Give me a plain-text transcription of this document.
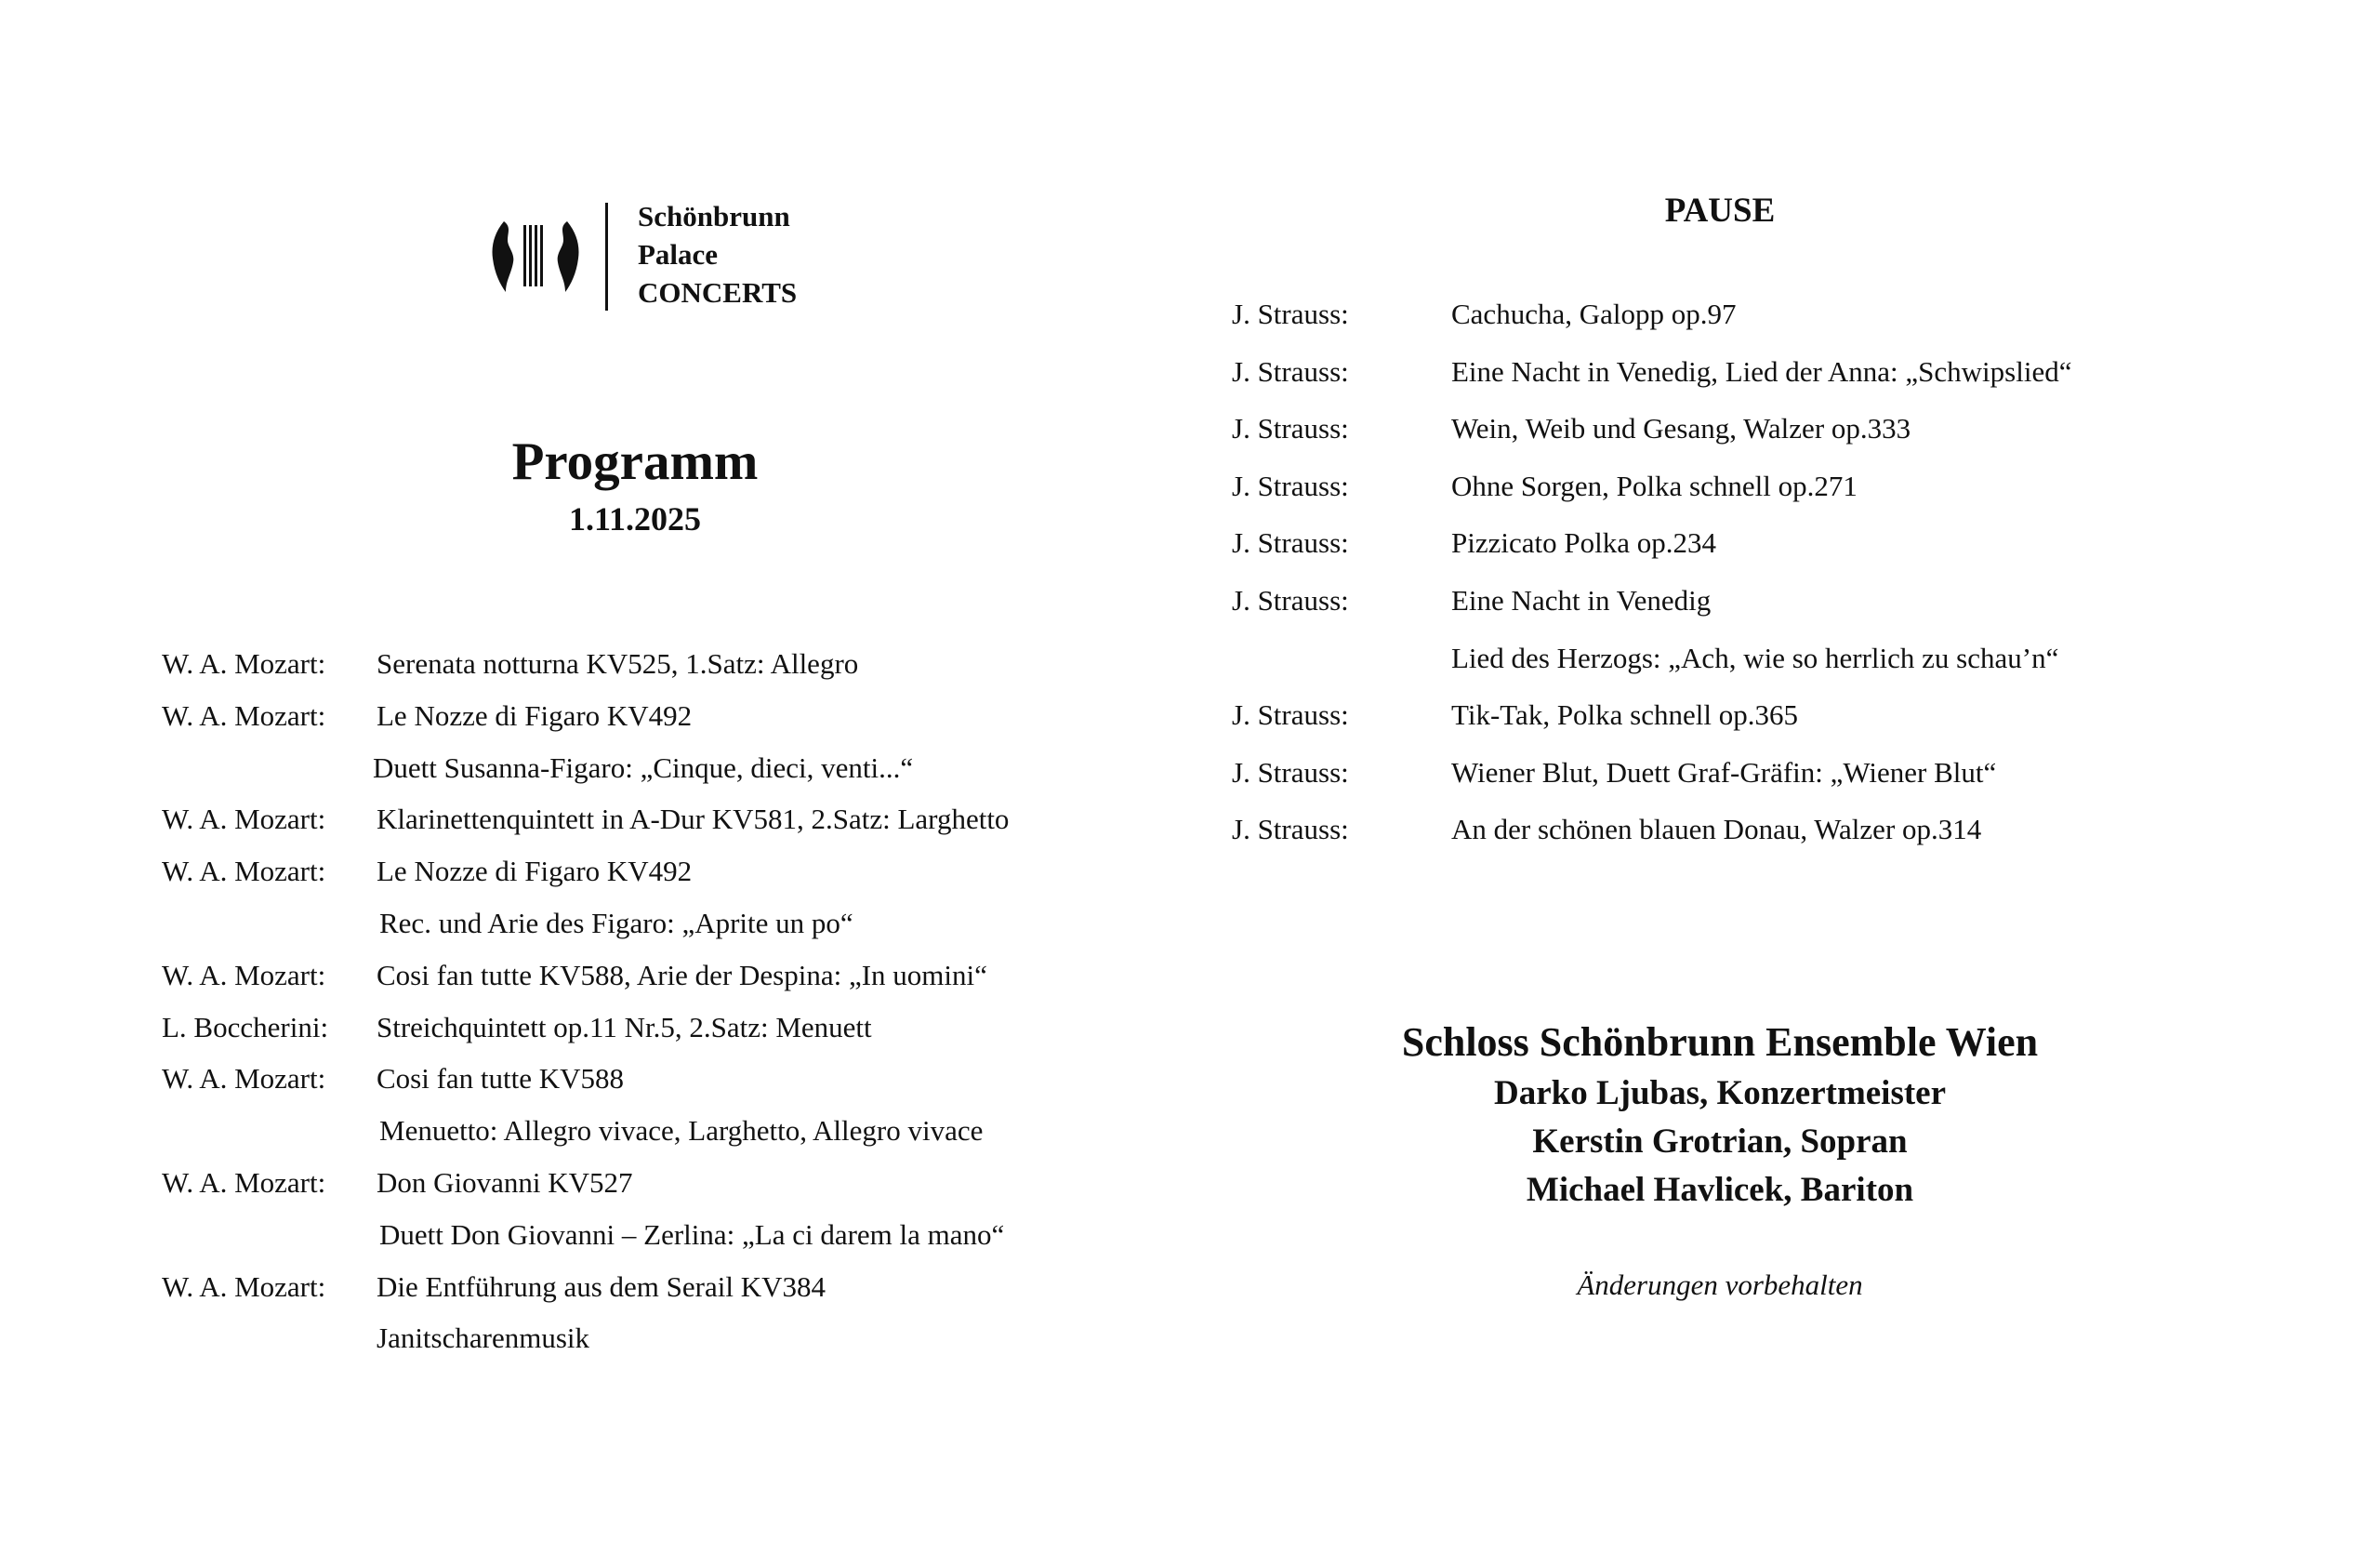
Schönbrunn
Palace
CONCERTS
Programm
1.11.2025
W. A. Mozart:	Serenata notturna KV525, 1.Satz: Allegro
W. A. Mozart:	Le Nozze di Figaro KV492
Duett Susanna-Figaro: „Cinque, dieci, venti...“
W. A. Mozart:	Klarinettenquintett in A-Dur KV581, 2.Satz: Larghetto
W. A. Mozart:	Le Nozze di Figaro KV492
Rec. und Arie des Figaro: „Aprite un po“
W. A. Mozart:	Cosi fan tutte KV588, Arie der Despina: „In uomini“
L. Boccherini:	Streichquintett op.11 Nr.5, 2.Satz: Menuett
W. A. Mozart:	Cosi fan tutte KV588
Menuetto: Allegro vivace, Larghetto, Allegro vivace
W. A. Mozart:	Don Giovanni KV527
Duett Don Giovanni – Zerlina: „La ci darem la mano“
W. A. Mozart:	Die Entführung aus dem Serail KV384
Janitscharenmusik
PAUSE
J. Strauss:	Cachucha, Galopp op.97
J. Strauss:	Eine Nacht in Venedig, Lied der Anna: „Schwipslied“
J. Strauss:	Wein, Weib und Gesang, Walzer op.333
J. Strauss:	Ohne Sorgen, Polka schnell op.271
J. Strauss:	Pizzicato Polka op.234
J. Strauss:	Eine Nacht in Venedig
Lied des Herzogs: „Ach, wie so herrlich zu schau’n“
J. Strauss:	Tik-Tak, Polka schnell op.365
J. Strauss:	Wiener Blut, Duett Graf-Gräfin: „Wiener Blut“
J. Strauss:	An der schönen blauen Donau, Walzer op.314
Schloss Schönbrunn Ensemble Wien
Darko Ljubas, Konzertmeister
Kerstin Grotrian, Sopran
Michael Havlicek, Bariton
Änderungen vorbehalten
